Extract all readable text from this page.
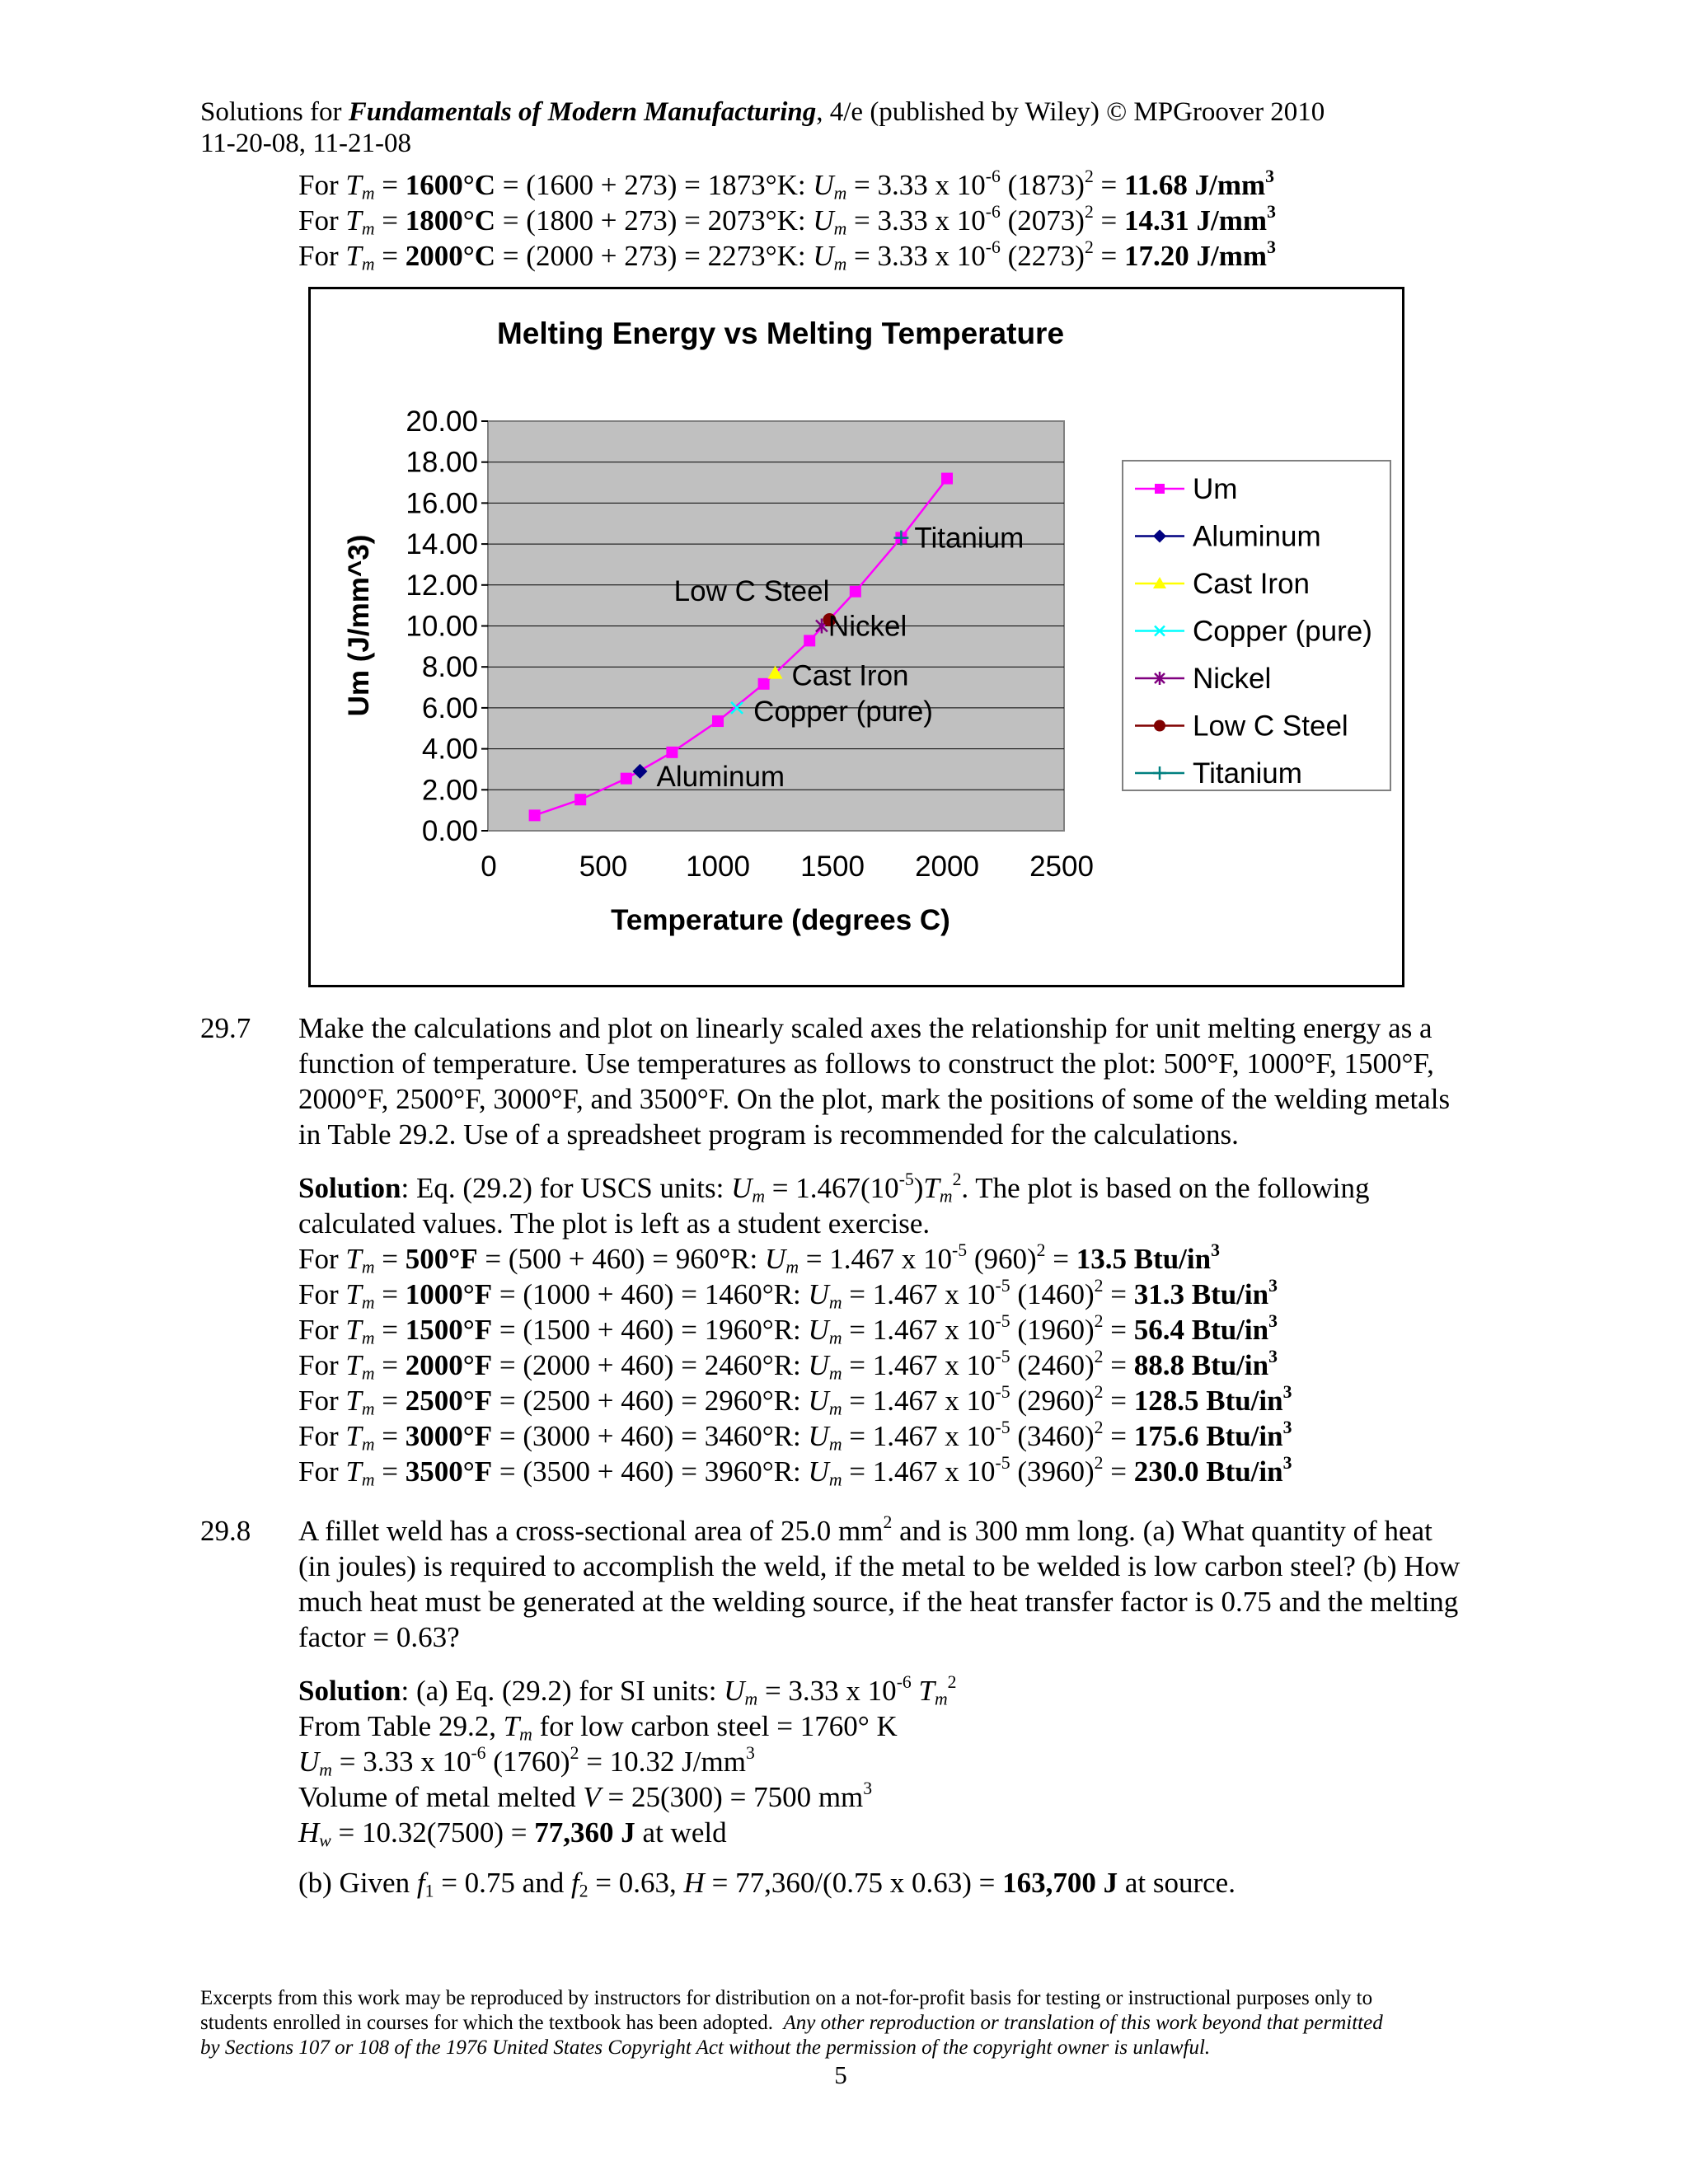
Solutions for Fundamentals of Modern Manufacturing, 4/e (published by Wiley) © MPGroover 2010
11-20-08, 11-21-08
For $T_m = 1600^\circ C = (1600 + 273) = 1873^\circ K$: $U_m = 3.33$ x $10^{-6}$ $(1873)^2 = 11.68$ $J/mm^3$
For $T_m = 1800^\circ C = (1800 + 273) = 2073^\circ K$: $U_m = 3.33$ x $10^{-6}$ $(2073)^2 = 14.31$ $J/mm^3$
For $T_m = 2000^\circ C = (2000 + 273) = 2273^\circ K$: $U_m = 3.33$ x $10^{-6}$ $(2273)^2 = 17.20$ $J/mm^3$
Melting Energy vs Melting Temperature
0.00
2.00
4.00
6.00
8.00
10.00
12.00
14.00
16.00
18.00
20.00
0	500 1000 1500 2000 2500
Titanium
Low C Steel
Nickel
Cast Iron
Copper (pure)
Aluminum
Temperature (degrees C)
Um (J/mm^3)
Um
Aluminum
Cast Iron
Copper (pure)
Nickel
Low C Steel
Titanium
29.7 Make the calculations and plot on linearly scaled axes the relationship for unit melting energy as a function of temperature. Use temperatures as follows to construct the plot: 500°F, 1000°F, 1500°F, 2000°F, 2500°F, 3000°F, and 3500°F. On the plot, mark the positions of some of the welding metals in Table 29.2. Use of a spreadsheet program is recommended for the calculations.
Solution: Eq. (29.2) for USCS units: $U_m = 1.467(10^{-5})T_m^2$. The plot is based on the following calculated values. The plot is left as a student exercise.
For $T_m = 500^\circ F = (500 + 460) = 960^\circ R$: $U_m = 1.467$ x $10^{-5}$ $(960)^2 = 13.5$ Btu/$in^3$
For $T_m = 1000^\circ F = (1000 + 460) = 1460^\circ R$: $U_m = 1.467$ x $10^{-5}$ $(1460)^2 = 31.3$ Btu/$in^3$
For $T_m = 1500^\circ F = (1500 + 460) = 1960^\circ R$: $U_m = 1.467$ x $10^{-5}$ $(1960)^2 = 56.4$ Btu/$in^3$
For $T_m = 2000^\circ F = (2000 + 460) = 2460^\circ R$: $U_m = 1.467$ x $10^{-5}$ $(2460)^2 = 88.8$ Btu/$in^3$
For $T_m = 2500^\circ F = (2500 + 460) = 2960^\circ R$: $U_m = 1.467$ x $10^{-5}$ $(2960)^2 = 128.5$ Btu/$in^3$
For $T_m = 3000^\circ F = (3000 + 460) = 3460^\circ R$: $U_m = 1.467$ x $10^{-5}$ $(3460)^2 = 175.6$ Btu/$in^3$
For $T_m = 3500^\circ F = (3500 + 460) = 3960^\circ R$: $U_m = 1.467$ x $10^{-5}$ $(3960)^2 = 230.0$ Btu/$in^3$
29.8 A fillet weld has a cross-sectional area of 25.0 $mm^2$ and is 300 mm long. (a) What quantity of heat (in joules) is required to accomplish the weld, if the metal to be welded is low carbon steel? (b) How much heat must be generated at the welding source, if the heat transfer factor is 0.75 and the melting factor = 0.63?
Solution: (a) Eq. (29.2) for SI units: $U_m = 3.33$ x $10^{-6}$ $T_m^2$
From Table 29.2, $T_m$ for low carbon steel = 1760° K
$U_m = 3.33$ x $10^{-6}$ $(1760)^2 = 10.32$ $J/mm^3$
Volume of metal melted V = 25(300) = 7500 $mm^3$
$H_w = 10.32(7500) = 77,360$ J at weld
(b) Given $f_1 = 0.75$ and $f_2 = 0.63$, H = 77,360/(0.75 x 0.63) = 163,700 J at source.
Excerpts from this work may be reproduced by instructors for distribution on a not-for-profit basis for testing or instructional purposes only to
students enrolled in courses for which the textbook has been adopted.  Any other reproduction or translation of this work beyond that permitted
by Sections 107 or 108 of the 1976 United States Copyright Act without the permission of the copyright owner is unlawful.
5
